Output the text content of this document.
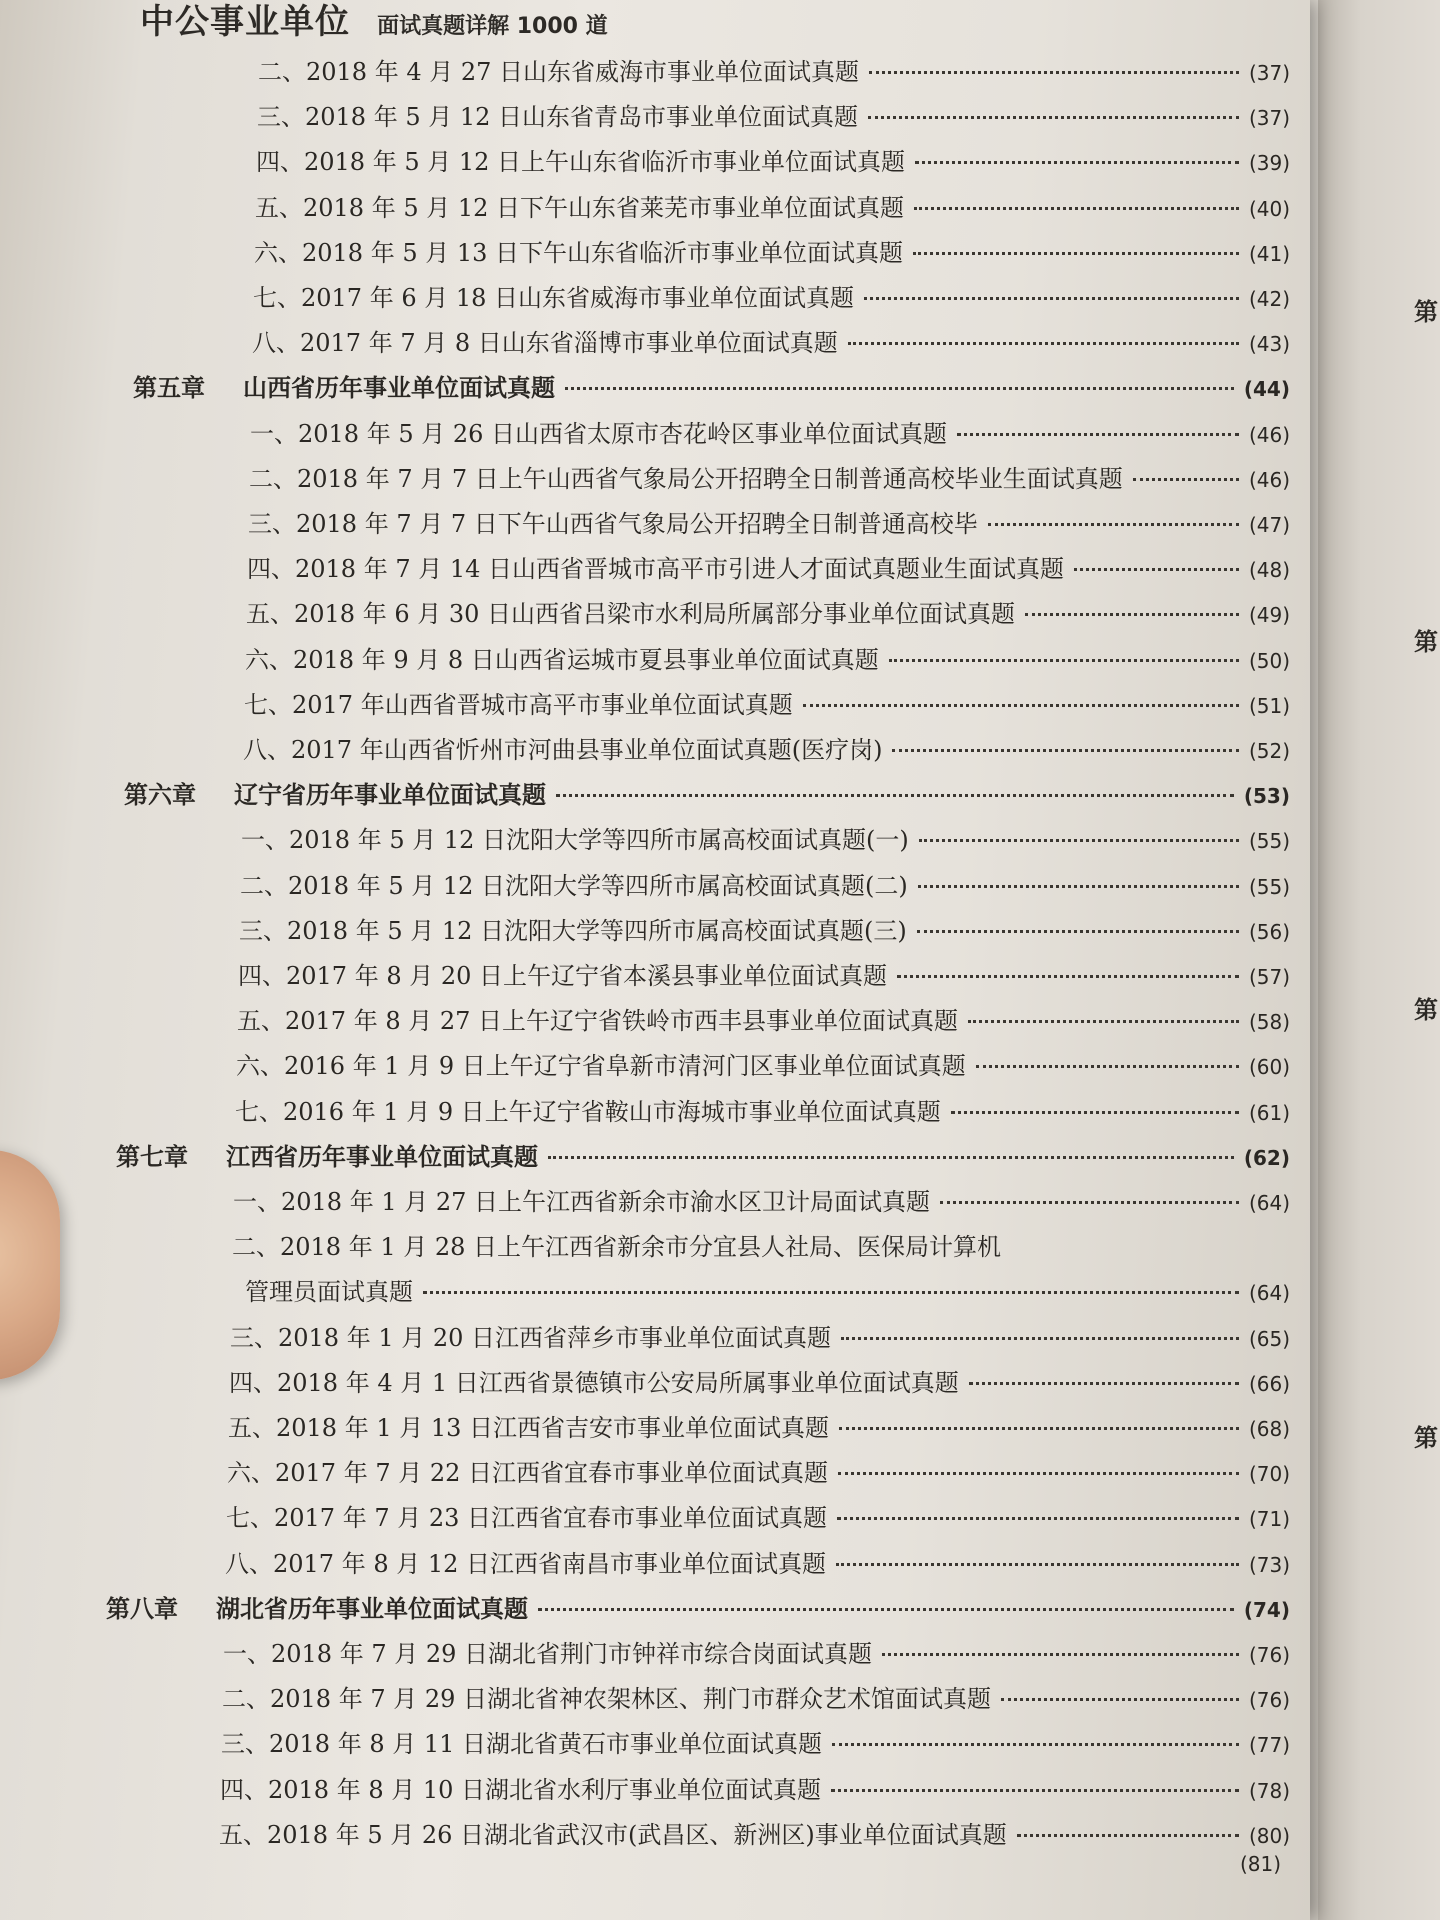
第
第
第
第
中公事业单位 面试真题详解 1000 道
二、2018 年 4 月 27 日山东省威海市事业单位面试真题	(37)
三、2018 年 5 月 12 日山东省青岛市事业单位面试真题	(37)
四、2018 年 5 月 12 日上午山东省临沂市事业单位面试真题	(39)
五、2018 年 5 月 12 日下午山东省莱芜市事业单位面试真题	(40)
六、2018 年 5 月 13 日下午山东省临沂市事业单位面试真题	(41)
七、2017 年 6 月 18 日山东省威海市事业单位面试真题	(42)
八、2017 年 7 月 8 日山东省淄博市事业单位面试真题	(43)
第五章	山西省历年事业单位面试真题	(44)
一、2018 年 5 月 26 日山西省太原市杏花岭区事业单位面试真题	(46)
二、2018 年 7 月 7 日上午山西省气象局公开招聘全日制普通高校毕业生面试真题	(46)
三、2018 年 7 月 7 日下午山西省气象局公开招聘全日制普通高校毕	(47)
四、2018 年 7 月 14 日山西省晋城市高平市引进人才面试真题业生面试真题	(48)
五、2018 年 6 月 30 日山西省吕梁市水利局所属部分事业单位面试真题	(49)
六、2018 年 9 月 8 日山西省运城市夏县事业单位面试真题	(50)
七、2017 年山西省晋城市高平市事业单位面试真题	(51)
八、2017 年山西省忻州市河曲县事业单位面试真题(医疗岗)	(52)
第六章	辽宁省历年事业单位面试真题	(53)
一、2018 年 5 月 12 日沈阳大学等四所市属高校面试真题(一)	(55)
二、2018 年 5 月 12 日沈阳大学等四所市属高校面试真题(二)	(55)
三、2018 年 5 月 12 日沈阳大学等四所市属高校面试真题(三)	(56)
四、2017 年 8 月 20 日上午辽宁省本溪县事业单位面试真题	(57)
五、2017 年 8 月 27 日上午辽宁省铁岭市西丰县事业单位面试真题	(58)
六、2016 年 1 月 9 日上午辽宁省阜新市清河门区事业单位面试真题	(60)
七、2016 年 1 月 9 日上午辽宁省鞍山市海城市事业单位面试真题	(61)
第七章	江西省历年事业单位面试真题	(62)
一、2018 年 1 月 27 日上午江西省新余市渝水区卫计局面试真题	(64)
二、2018 年 1 月 28 日上午江西省新余市分宜县人社局、医保局计算机
管理员面试真题	(64)
三、2018 年 1 月 20 日江西省萍乡市事业单位面试真题	(65)
四、2018 年 4 月 1 日江西省景德镇市公安局所属事业单位面试真题	(66)
五、2018 年 1 月 13 日江西省吉安市事业单位面试真题	(68)
六、2017 年 7 月 22 日江西省宜春市事业单位面试真题	(70)
七、2017 年 7 月 23 日江西省宜春市事业单位面试真题	(71)
八、2017 年 8 月 12 日江西省南昌市事业单位面试真题	(73)
第八章	湖北省历年事业单位面试真题	(74)
一、2018 年 7 月 29 日湖北省荆门市钟祥市综合岗面试真题	(76)
二、2018 年 7 月 29 日湖北省神农架林区、荆门市群众艺术馆面试真题	(76)
三、2018 年 8 月 11 日湖北省黄石市事业单位面试真题	(77)
四、2018 年 8 月 10 日湖北省水利厅事业单位面试真题	(78)
五、2018 年 5 月 26 日湖北省武汉市(武昌区、新洲区)事业单位面试真题	(80)
(81)
